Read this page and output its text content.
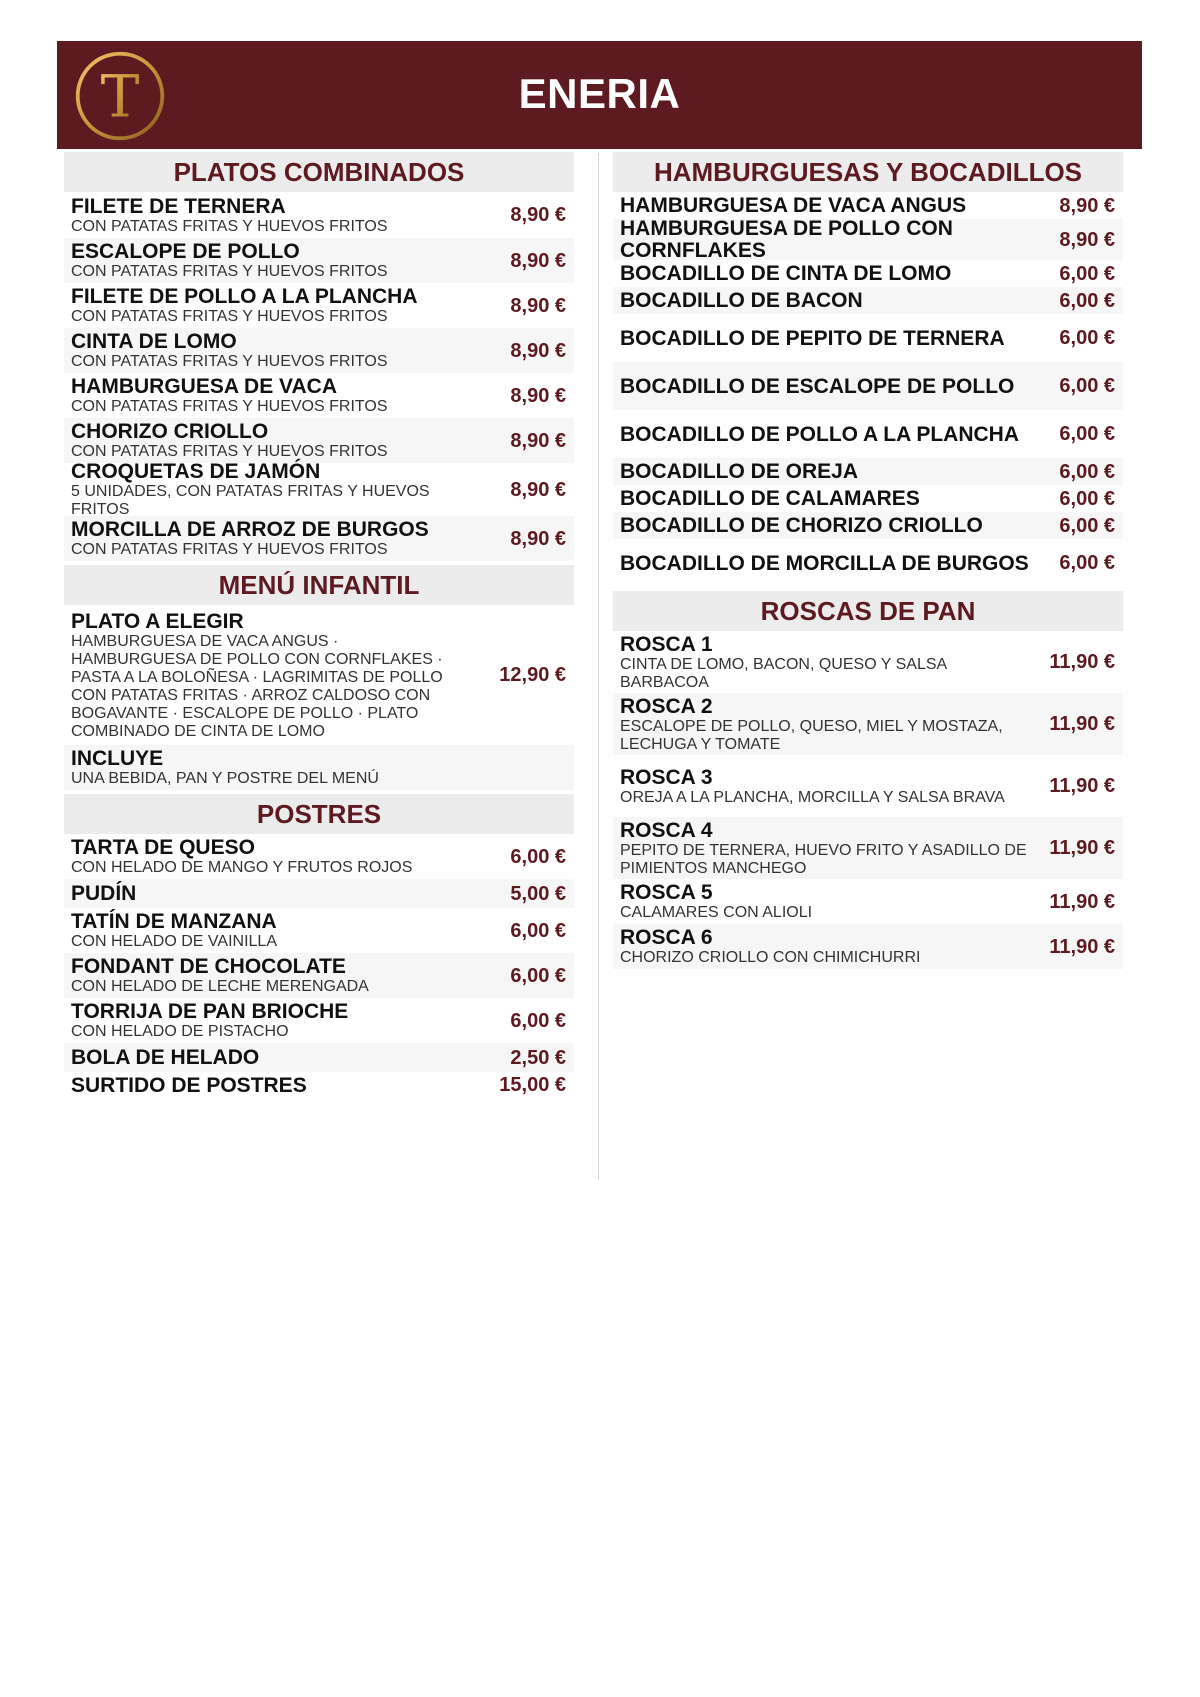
T	ENERIA
PLATOS COMBINADOS
FILETE DE TERNERA
CON PATATAS FRITAS Y HUEVOS FRITOS	8,90 €
ESCALOPE DE POLLO
CON PATATAS FRITAS Y HUEVOS FRITOS	8,90 €
FILETE DE POLLO A LA PLANCHA
CON PATATAS FRITAS Y HUEVOS FRITOS	8,90 €
CINTA DE LOMO
CON PATATAS FRITAS Y HUEVOS FRITOS	8,90 €
HAMBURGUESA DE VACA
CON PATATAS FRITAS Y HUEVOS FRITOS	8,90 €
CHORIZO CRIOLLO
CON PATATAS FRITAS Y HUEVOS FRITOS	8,90 €
CROQUETAS DE JAMÓN
5 UNIDADES, CON PATATAS FRITAS Y HUEVOS FRITOS
8,90 €
MORCILLA DE ARROZ DE BURGOS
CON PATATAS FRITAS Y HUEVOS FRITOS	8,90 €
MENÚ INFANTIL
PLATO A ELEGIR
HAMBURGUESA DE VACA ANGUS · HAMBURGUESA DE POLLO CON CORNFLAKES · PASTA A LA BOLOÑESA · LAGRIMITAS DE POLLO CON PATATAS FRITAS · ARROZ CALDOSO CON BOGAVANTE · ESCALOPE DE POLLO · PLATO COMBINADO DE CINTA DE LOMO
12,90 €
INCLUYE
UNA BEBIDA, PAN Y POSTRE DEL MENÚ
POSTRES
TARTA DE QUESO
CON HELADO DE MANGO Y FRUTOS ROJOS	6,00 €
PUDÍN	5,00 €
TATÍN DE MANZANA
CON HELADO DE VAINILLA	6,00 €
FONDANT DE CHOCOLATE
CON HELADO DE LECHE MERENGADA	6,00 €
TORRIJA DE PAN BRIOCHE
CON HELADO DE PISTACHO	6,00 €
BOLA DE HELADO	2,50 €
SURTIDO DE POSTRES	15,00 €
HAMBURGUESAS Y BOCADILLOS
HAMBURGUESA DE VACA ANGUS	8,90 €
HAMBURGUESA DE POLLO CON CORNFLAKES	8,90 €
BOCADILLO DE CINTA DE LOMO	6,00 €
BOCADILLO DE BACON	6,00 €
BOCADILLO DE PEPITO DE TERNERA	6,00 €
BOCADILLO DE ESCALOPE DE POLLO	6,00 €
BOCADILLO DE POLLO A LA PLANCHA	6,00 €
BOCADILLO DE OREJA	6,00 €
BOCADILLO DE CALAMARES	6,00 €
BOCADILLO DE CHORIZO CRIOLLO	6,00 €
BOCADILLO DE MORCILLA DE BURGOS	6,00 €
ROSCAS DE PAN
ROSCA 1
CINTA DE LOMO, BACON, QUESO Y SALSA BARBACOA
11,90 €
ROSCA 2
ESCALOPE DE POLLO, QUESO, MIEL Y MOSTAZA, LECHUGA Y TOMATE
11,90 €
ROSCA 3
OREJA A LA PLANCHA, MORCILLA Y SALSA BRAVA	11,90 €
ROSCA 4
PEPITO DE TERNERA, HUEVO FRITO Y ASADILLO DE PIMIENTOS MANCHEGO
11,90 €
ROSCA 5
CALAMARES CON ALIOLI	11,90 €
ROSCA 6
CHORIZO CRIOLLO CON CHIMICHURRI	11,90 €
